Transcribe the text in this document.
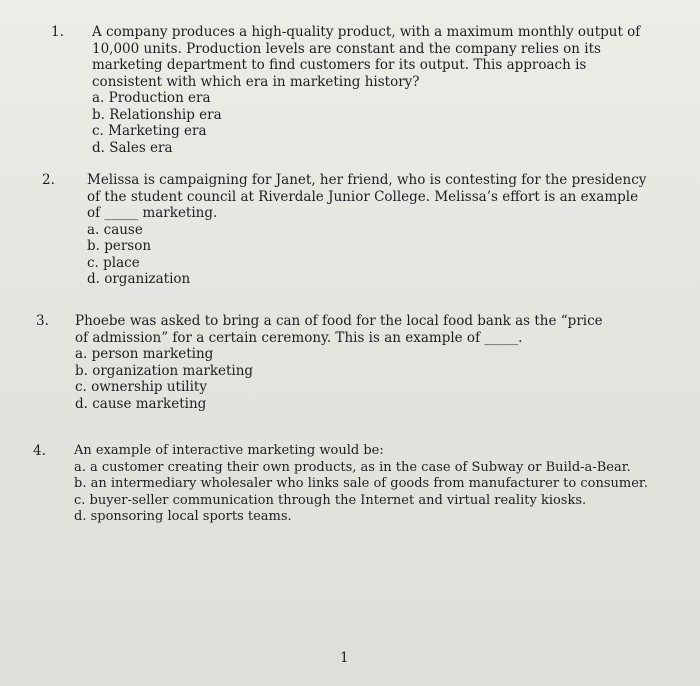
1. A company produces a high-quality product, with a maximum monthly output of 10,000 units. Production levels are constant and the company relies on its marketing department to find customers for its output. This approach is consistent with which era in marketing history?

a. Production era
b. Relationship era
c. Marketing era
d. Sales era
2. Melissa is campaigning for Janet, her friend, who is contesting for the presidency of the student council at Riverdale Junior College. Melissa’s effort is an example of _____ marketing.

a. cause
b. person
c. place
d. organization
3. Phoebe was asked to bring a can of food for the local food bank as the “price of admission” for a certain ceremony. This is an example of _____.

a. person marketing
b. organization marketing
c. ownership utility
d. cause marketing
4. An example of interactive marketing would be:

a. a customer creating their own products, as in the case of Subway or Build-a-Bear.
b. an intermediary wholesaler who links sale of goods from manufacturer to consumer.
c. buyer-seller communication through the Internet and virtual reality kiosks.
d. sponsoring local sports teams.
1
